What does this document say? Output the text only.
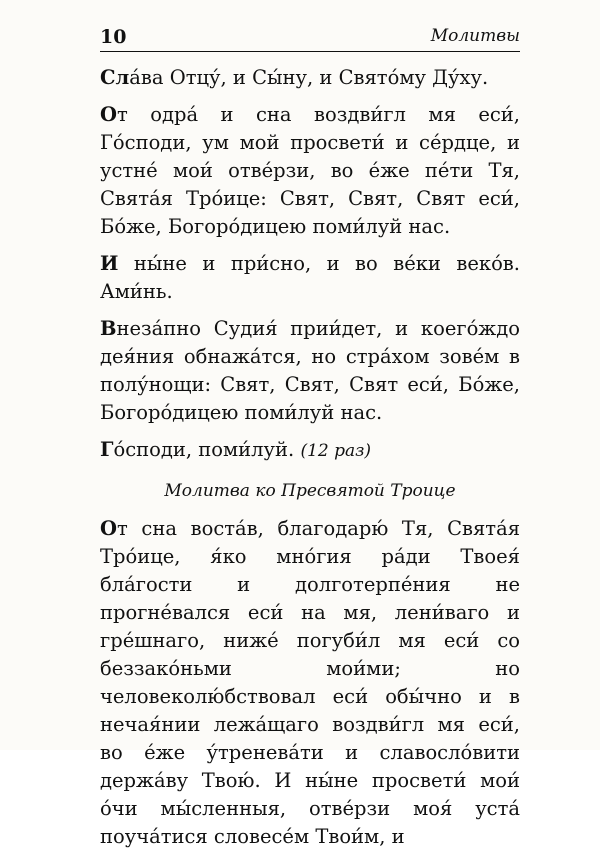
10	Молитвы

Сла́ва Отцу́, и Сы́ну, и Свято́му Ду́ху.

От одра́ и сна воздви́гл мя еси́, Го́споди, ум мой просвети́ и се́рдце, и устне́ мои́ отве́рзи, во е́же пе́ти Тя, Свята́я Тро́ице: Свят, Свят, Свят еси́, Бо́же, Богоро́дицею поми́луй нас.

И ны́не и при́сно, и во ве́ки веко́в. Ами́нь.

Внеза́пно Судия́ прии́дет, и коего́ждо дея́ния обнажа́тся, но стра́хом зове́м в полу́нощи: Свят, Свят, Свят еси́, Бо́же, Богоро́дицею поми́луй нас.

Го́споди, поми́луй. (12 раз)

Молитва ко Пресвятой Троице

От сна воста́в, благодарю́ Тя, Свята́я Тро́ице, я́ко мно́гия ра́ди Твоея́ бла́гости и долготерпе́ния не прогне́вался еси́ на мя, лени́ваго и гре́шнаго, ниже́ погуби́л мя еси́ со беззако́ньми мои́ми; но человеколю́бствовал еси́ обы́чно и в нечая́нии лежа́щаго воздви́гл мя еси́, во е́же у́тренева́ти и славосло́вити держа́ву Твою́. И ны́не просвети́ мои́ о́чи мы́сленныя, отве́рзи моя́ уста́ поуча́тися словесе́м Твои́м, и
